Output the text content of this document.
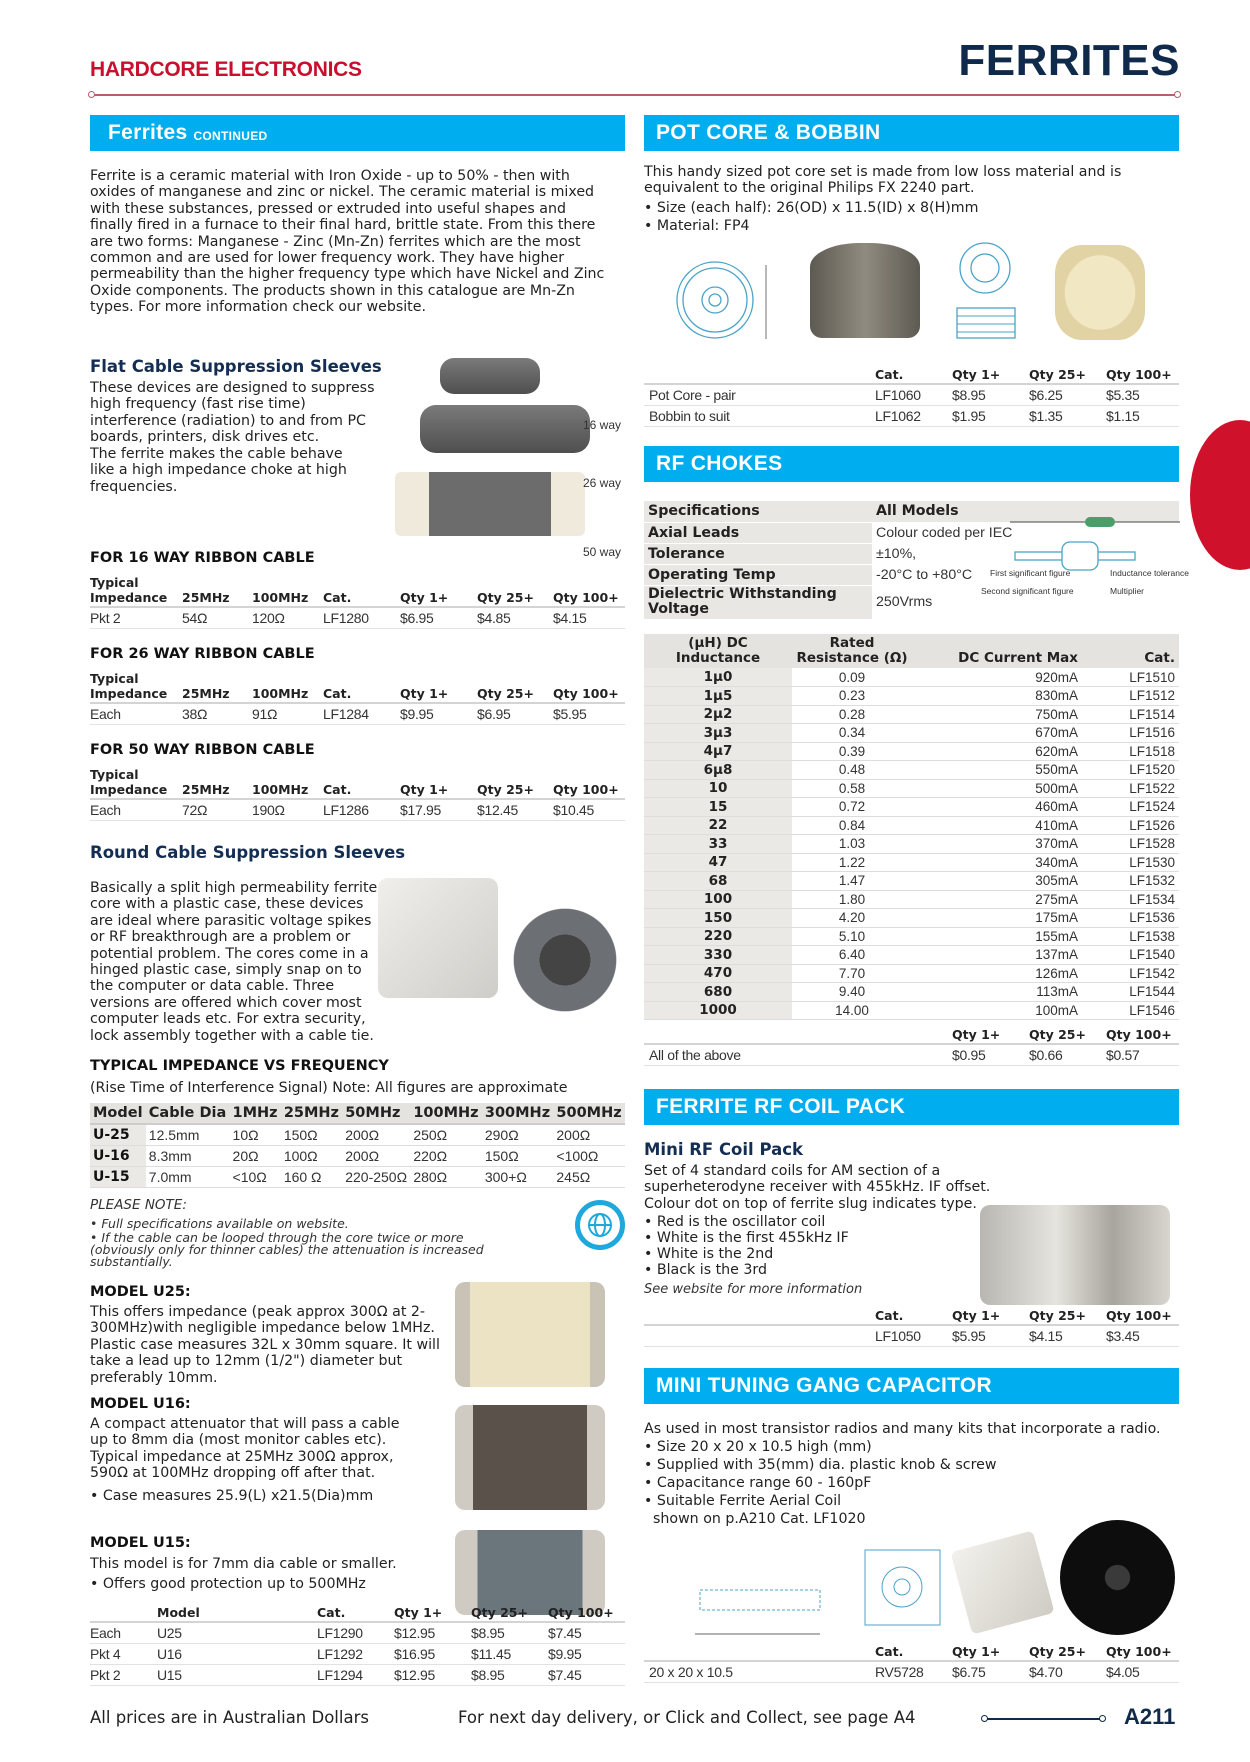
HARDCORE ELECTRONICS	FERRITES
Ferrites CONTINUED

Ferrite is a ceramic material with Iron Oxide - up to 50% - then with oxides of manganese and zinc or nickel. The ceramic material is mixed with these substances, pressed or extruded into useful shapes and finally fired in a furnace to their final hard, brittle state. From this there are two forms: Manganese - Zinc (Mn-Zn) ferrites which are the most common and are used for lower frequency work. They have higher permeability than the higher frequency type which have Nickel and Zinc Oxide components. The products shown in this catalogue are Mn-Zn types. For more information check our website.

Flat Cable Suppression Sleeves

These devices are designed to suppress high frequency (fast rise time) interference (radiation) to and from PC boards, printers, disk drives etc.

The ferrite makes the cable behave like a high impedance choke at high frequencies.

16 way
26 way
50 way
FOR 16 WAY RIBBON CABLE
Typical Impedance	25MHz	100MHz	Cat.	Qty 1+	Qty 25+	Qty 100+
Pkt 2	54Ω	120Ω	LF1280	$6.95	$4.85	$4.15
FOR 26 WAY RIBBON CABLE
Typical Impedance	25MHz	100MHz	Cat.	Qty 1+	Qty 25+	Qty 100+
Each	38Ω	91Ω	LF1284	$9.95	$6.95	$5.95
FOR 50 WAY RIBBON CABLE
Typical Impedance	25MHz	100MHz	Cat.	Qty 1+	Qty 25+	Qty 100+
Each	72Ω	190Ω	LF1286	$17.95	$12.45	$10.45
Round Cable Suppression Sleeves

Basically a split high permeability ferrite core with a plastic case, these devices are ideal where parasitic voltage spikes or RF breakthrough are a problem or potential problem. The cores come in a hinged plastic case, simply snap on to the computer or data cable. Three versions are offered which cover most computer leads etc. For extra security, lock assembly together with a cable tie.

TYPICAL IMPEDANCE VS FREQUENCY
(Rise Time of Interference Signal) Note: All figures are approximate
Model	Cable Dia	1MHz	25MHz	50MHz	100MHz	300MHz	500MHz
U-25	12.5mm	10Ω	150Ω	200Ω	250Ω	290Ω	200Ω
U-16	8.3mm	20Ω	100Ω	200Ω	220Ω	150Ω	<100Ω
U-15	7.0mm	<10Ω	160 Ω	220-250Ω	280Ω	300+Ω	245Ω
PLEASE NOTE:
• Full specifications available on website.
• If the cable can be looped through the core twice or more (obviously only for thinner cables) the attenuation is increased substantially.
MODEL U25:

This offers impedance (peak approx 300Ω at 2-300MHz)with negligible impedance below 1MHz. Plastic case measures 32L x 30mm square. It will take a lead up to 12mm (1/2") diameter but preferably 10mm.

MODEL U16:

A compact attenuator that will pass a cable up to 8mm dia (most monitor cables etc). Typical impedance at 25MHz 300Ω approx, 590Ω at 100MHz dropping off after that.

• Case measures 25.9(L) x21.5(Dia)mm
MODEL U15:
This model is for 7mm dia cable or smaller.
• Offers good protection up to 500MHz
	Model	Cat.	Qty 1+	Qty 25+	Qty 100+
Each	U25	LF1290	$12.95	$8.95	$7.45
Pkt 4	U16	LF1292	$16.95	$11.45	$9.95
Pkt 2	U15	LF1294	$12.95	$8.95	$7.45
POT CORE & BOBBIN

This handy sized pot core set is made from low loss material and is equivalent to the original Philips FX 2240 part.

• Size (each half): 26(OD) x 11.5(ID) x 8(H)mm
• Material: FP4
	Cat.	Qty 1+	Qty 25+	Qty 100+
Pot Core - pair	LF1060	$8.95	$6.25	$5.35
Bobbin to suit	LF1062	$1.95	$1.35	$1.15
RF CHOKES
Specifications	All Models
Axial Leads	Colour coded per IEC
Tolerance	±10%,
Operating Temp	-20°C to +80°C
Dielectric Withstanding Voltage	250Vrms
First significant figure
Second significant figure
Inductance tolerance
Multiplier
(µH) DC Inductance	Rated Resistance (Ω)	DC Current Max	Cat.
1µ0	0.09	920mA	LF1510
1µ5	0.23	830mA	LF1512
2µ2	0.28	750mA	LF1514
3µ3	0.34	670mA	LF1516
4µ7	0.39	620mA	LF1518
6µ8	0.48	550mA	LF1520
10	0.58	500mA	LF1522
15	0.72	460mA	LF1524
22	0.84	410mA	LF1526
33	1.03	370mA	LF1528
47	1.22	340mA	LF1530
68	1.47	305mA	LF1532
100	1.80	275mA	LF1534
150	4.20	175mA	LF1536
220	5.10	155mA	LF1538
330	6.40	137mA	LF1540
470	7.70	126mA	LF1542
680	9.40	113mA	LF1544
1000	14.00	100mA	LF1546
	Qty 1+	Qty 25+	Qty 100+
All of the above	$0.95	$0.66	$0.57
FERRITE RF COIL PACK
Mini RF Coil Pack

Set of 4 standard coils for AM section of a superheterodyne receiver with 455kHz. IF offset. Colour dot on top of ferrite slug indicates type.

• Red is the oscillator coil
• White is the first 455kHz IF
• White is the 2nd
• Black is the 3rd
See website for more information
	Cat.	Qty 1+	Qty 25+	Qty 100+
	LF1050	$5.95	$4.15	$3.45
MINI TUNING GANG CAPACITOR

As used in most transistor radios and many kits that incorporate a radio.

• Size 20 x 20 x 10.5 high (mm)
• Supplied with 35(mm) dia. plastic knob & screw
• Capacitance range 60 - 160pF
• Suitable Ferrite Aerial Coil
shown on p.A210 Cat. LF1020
	Cat.	Qty 1+	Qty 25+	Qty 100+
20 x 20 x 10.5	RV5728	$6.75	$4.70	$4.05
All prices are in Australian Dollars	For next day delivery, or Click and Collect, see page A4	A211
